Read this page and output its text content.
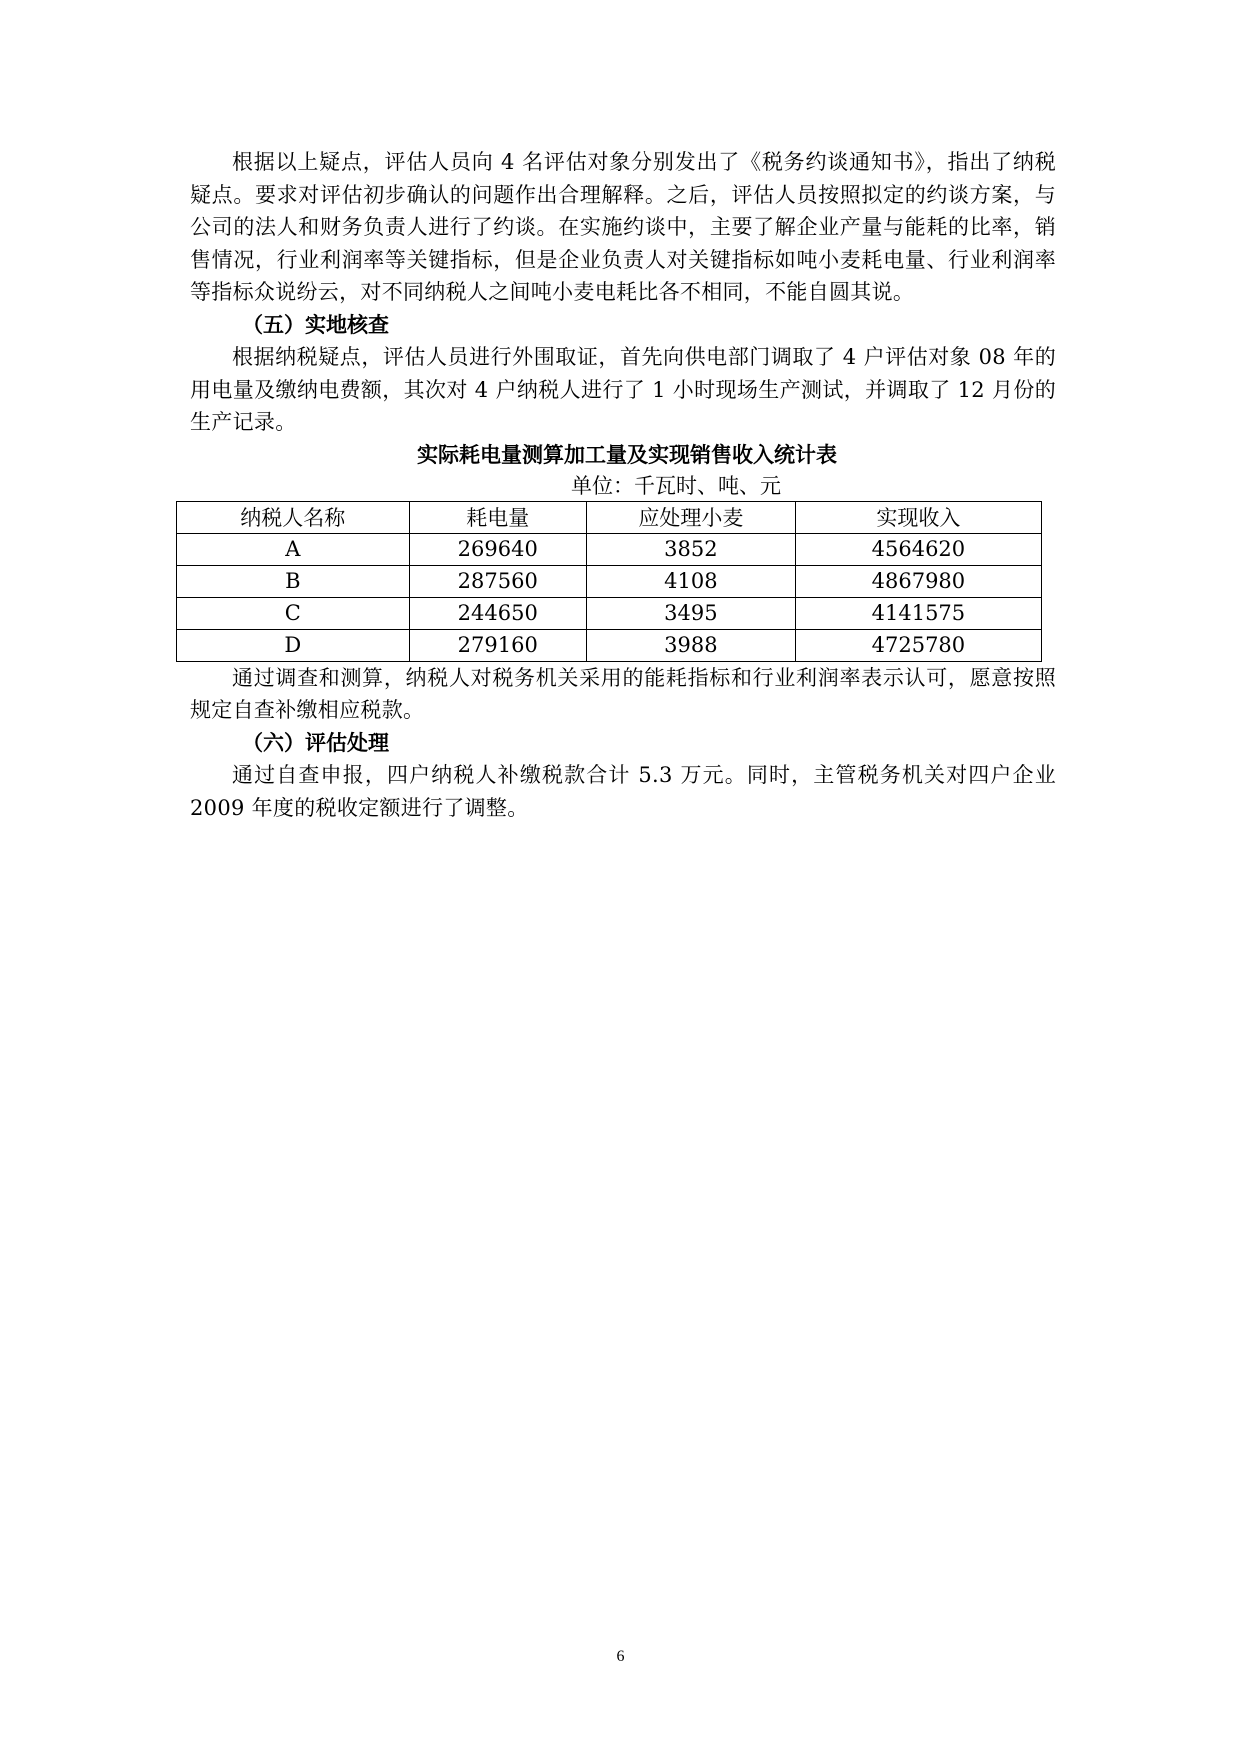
根据以上疑点，评估人员向 4 名评估对象分别发出了《税务约谈通知书》，指出了纳税疑点。要求对评估初步确认的问题作出合理解释。之后，评估人员按照拟定的约谈方案，与公司的法人和财务负责人进行了约谈。在实施约谈中，主要了解企业产量与能耗的比率，销售情况，行业利润率等关键指标，但是企业负责人对关键指标如吨小麦耗电量、行业利润率等指标众说纷云，对不同纳税人之间吨小麦电耗比各不相同，不能自圆其说。

（五）实地核查

根据纳税疑点，评估人员进行外围取证，首先向供电部门调取了 4 户评估对象 08 年的用电量及缴纳电费额，其次对 4 户纳税人进行了 1 小时现场生产测试，并调取了 12 月份的生产记录。

实际耗电量测算加工量及实现销售收入统计表

单位：千瓦时、吨、元

纳税人名称	耗电量	应处理小麦	实现收入
A	269640	3852	4564620
B	287560	4108	4867980
C	244650	3495	4141575
D	279160	3988	4725780

通过调查和测算，纳税人对税务机关采用的能耗指标和行业利润率表示认可，愿意按照规定自查补缴相应税款。

（六）评估处理

通过自查申报，四户纳税人补缴税款合计 5.3 万元。同时，主管税务机关对四户企业 2009 年度的税收定额进行了调整。

6
